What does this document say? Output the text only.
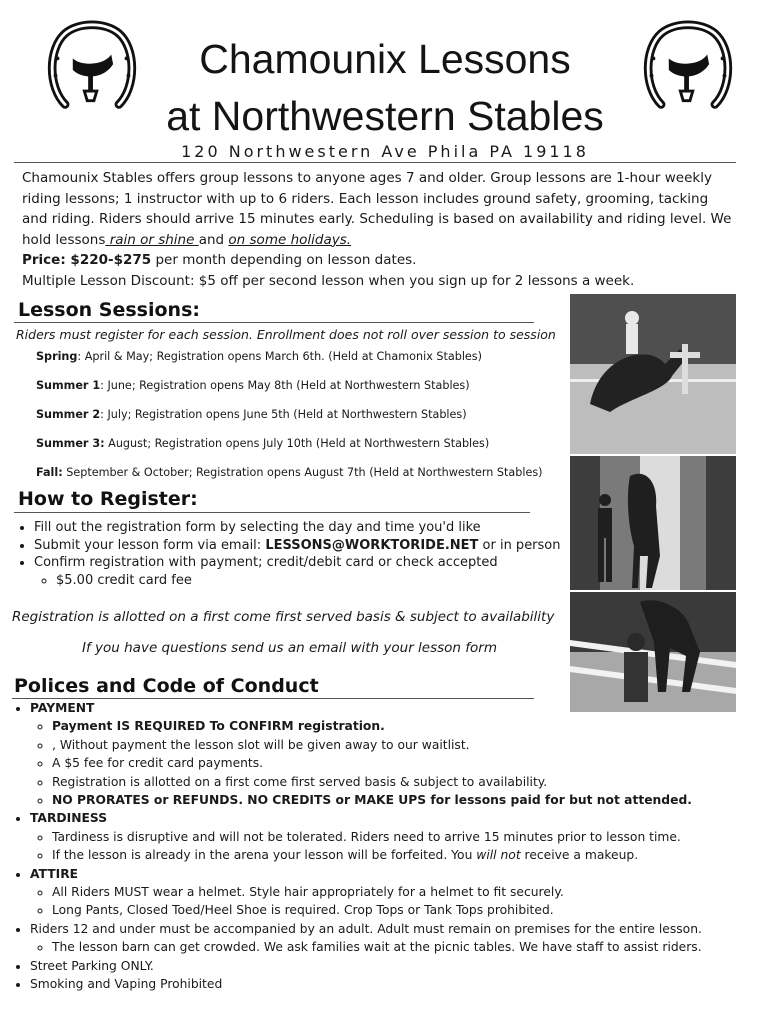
Chamounix Lessons
at Northwestern Stables
120 Northwestern Ave Phila PA 19118

Chamounix Stables offers group lessons to anyone ages 7 and older. Group lessons are 1-hour weekly riding lessons; 1 instructor with up to 6 riders. Each lesson includes ground safety, grooming, tacking and riding. Riders should arrive 15 minutes early. Scheduling is based on availability and riding level. We hold lessons rain or shine and on some holidays.

Price: $220-$275 per month depending on lesson dates.

Multiple Lesson Discount: $5 off per second lesson when you sign up for 2 lessons a week.

Lesson Sessions:
Riders must register for each session. Enrollment does not roll over session to session
Spring: April & May; Registration opens March 6th. (Held at Chamonix Stables)
Summer 1: June; Registration opens May 8th (Held at Northwestern Stables)
Summer 2: July; Registration opens June 5th (Held at Northwestern Stables)
Summer 3: August; Registration opens July 10th (Held at Northwestern Stables)
Fall: September & October; Registration opens August 7th (Held at Northwestern Stables)
How to Register:
• Fill out the registration form by selecting the day and time you'd like
• Submit your lesson form via email: LESSONS@WORKTORIDE.NET or in person
• Confirm registration with payment; credit/debit card or check accepted
◦ $5.00 credit card fee
Registration is allotted on a first come first served basis & subject to availability
If you have questions send us an email with your lesson form
Polices and Code of Conduct
• PAYMENT
◦ Payment IS REQUIRED To CONFIRM registration.
◦ ‚ Without payment the lesson slot will be given away to our waitlist.
◦ A $5 fee for credit card payments.
◦ Registration is allotted on a first come first served basis & subject to availability.
◦ NO PRORATES or REFUNDS. NO CREDITS or MAKE UPS for lessons paid for but not attended.
• TARDINESS
◦ Tardiness is disruptive and will not be tolerated. Riders need to arrive 15 minutes prior to lesson time.
◦ If the lesson is already in the arena your lesson will be forfeited. You will not receive a makeup.
• ATTIRE
◦ All Riders MUST wear a helmet. Style hair appropriately for a helmet to fit securely.
◦ Long Pants, Closed Toed/Heel Shoe is required. Crop Tops or Tank Tops prohibited.
• Riders 12 and under must be accompanied by an adult. Adult must remain on premises for the entire lesson.
◦ The lesson barn can get crowded. We ask families wait at the picnic tables. We have staff to assist riders.
• Street Parking ONLY.
• Smoking and Vaping Prohibited
